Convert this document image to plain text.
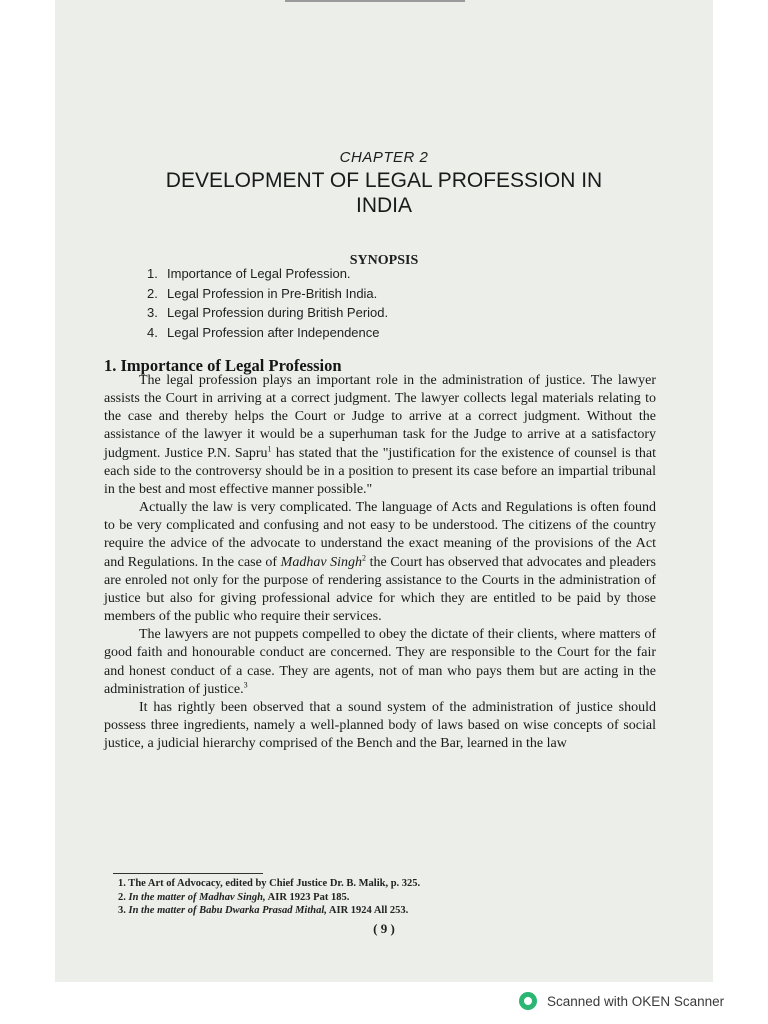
CHAPTER 2
DEVELOPMENT OF LEGAL PROFESSION IN
INDIA
SYNOPSIS
1. Importance of Legal Profession.
2. Legal Profession in Pre-British India.
3. Legal Profession during British Period.
4. Legal Profession after Independence
1. Importance of Legal Profession

The legal profession plays an important role in the administration of justice. The lawyer assists the Court in arriving at a correct judgment. The lawyer collects legal materials relating to the case and thereby helps the Court or Judge to arrive at a correct judgment. Without the assistance of the lawyer it would be a superhuman task for the Judge to arrive at a satisfactory judgment. Justice P.N. Sapru$^1$ has stated that the "justification for the existence of counsel is that each side to the controversy should be in a position to present its case before an impartial tribunal in the best and most effective manner possible."

Actually the law is very complicated. The language of Acts and Regulations is often found to be very complicated and confusing and not easy to be understood. The citizens of the country require the advice of the advocate to understand the exact meaning of the provisions of the Act and Regulations. In the case of Madhav Singh$^2$ the Court has observed that advocates and pleaders are enroled not only for the purpose of rendering assistance to the Courts in the administration of justice but also for giving professional advice for which they are entitled to be paid by those members of the public who require their services.

The lawyers are not puppets compelled to obey the dictate of their clients, where matters of good faith and honourable conduct are concerned. They are responsible to the Court for the fair and honest conduct of a case. They are agents, not of man who pays them but are acting in the administration of justice.$^3$

It has rightly been observed that a sound system of the administration of justice should possess three ingredients, namely a well-planned body of laws based on wise concepts of social justice, a judicial hierarchy comprised of the Bench and the Bar, learned in the law

1. The Art of Advocacy, edited by Chief Justice Dr. B. Malik, p. 325.
2. In the matter of Madhav Singh, AIR 1923 Pat 185.
3. In the matter of Babu Dwarka Prasad Mithal, AIR 1924 All 253.
( 9 )
Scanned with OKEN Scanner
